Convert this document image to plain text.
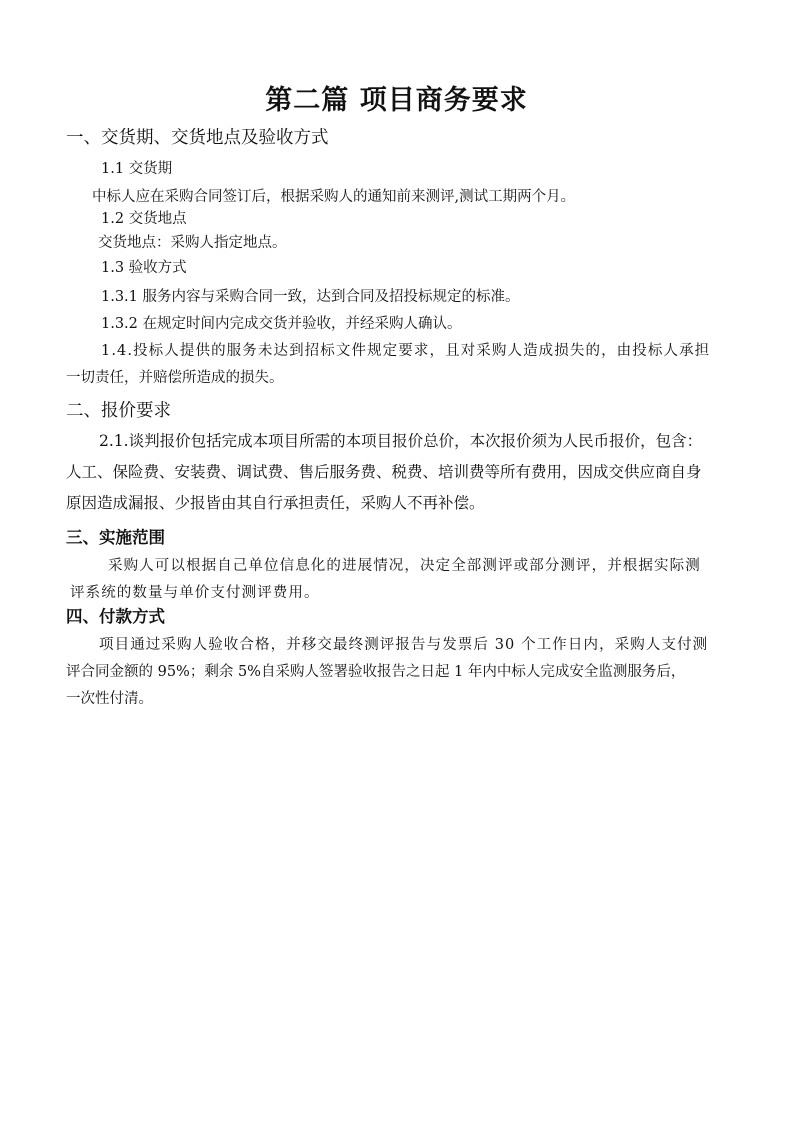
第二篇 项目商务要求
一、交货期、交货地点及验收方式
1.1 交货期
中标人应在采购合同签订后，根据采购人的通知前来测评,测试工期两个月。
1.2 交货地点
交货地点：采购人指定地点。
1.3 验收方式
1.3.1 服务内容与采购合同一致，达到合同及招投标规定的标准。
1.3.2 在规定时间内完成交货并验收，并经采购人确认。
1.4.投标人提供的服务未达到招标文件规定要求，且对采购人造成损失的，由投标人承担
一切责任，并赔偿所造成的损失。
二、报价要求
2.1.谈判报价包括完成本项目所需的本项目报价总价，本次报价须为人民币报价，包含：
人工、保险费、安装费、调试费、售后服务费、税费、培训费等所有费用，因成交供应商自身
原因造成漏报、少报皆由其自行承担责任，采购人不再补偿。
三、实施范围
采购人可以根据自己单位信息化的进展情况，决定全部测评或部分测评，并根据实际测
评系统的数量与单价支付测评费用。
四、付款方式
项目通过采购人验收合格，并移交最终测评报告与发票后 30 个工作日内，采购人支付测
评合同金额的 95%；剩余 5%自采购人签署验收报告之日起 1 年内中标人完成安全监测服务后，
一次性付清。
